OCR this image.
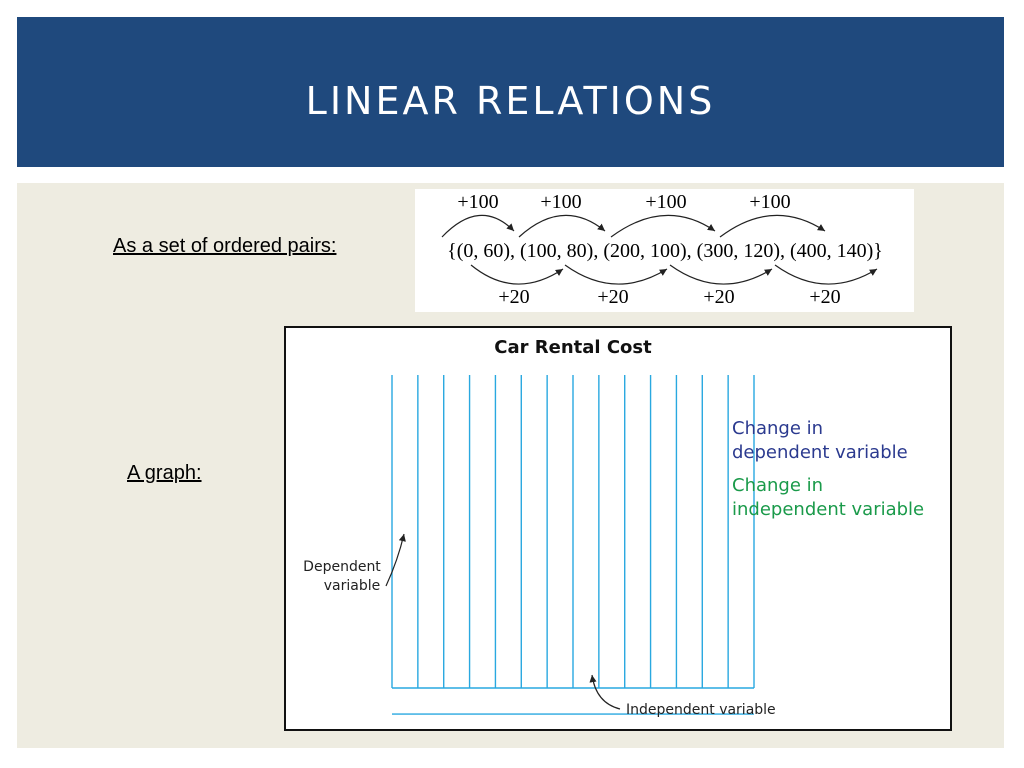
LINEAR RELATIONS
As a set of ordered pairs:
A graph:
+100 +100	+100	+100
{(0, 60), (100, 80), (200, 100), (300, 120), (400, 140)}
+20	+20	+20	+20
Car Rental Cost
Change in
dependent variable
Change in
independent variable
Dependent
variable
Independent variable
